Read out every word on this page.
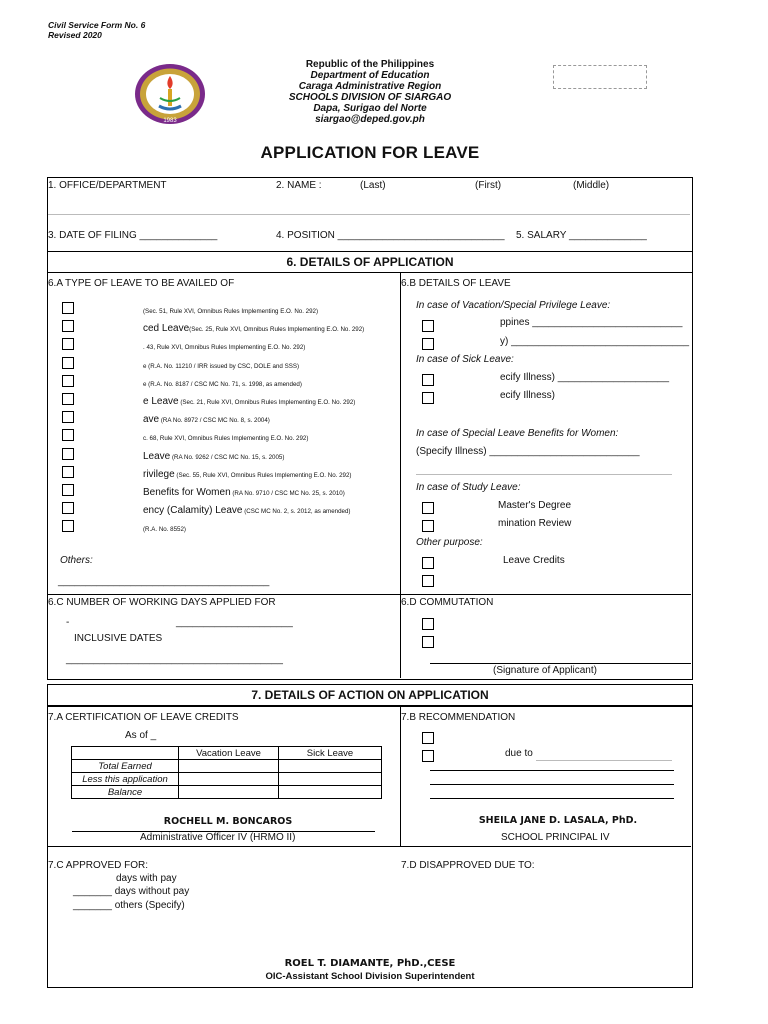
Civil Service Form No. 6
Revised 2020
1983
Republic of the Philippines
Department of Education
Caraga Administrative Region
SCHOOLS DIVISION OF SIARGAO
Dapa, Surigao del Norte
siargao@deped.gov.ph
APPLICATION FOR LEAVE
1. OFFICE/DEPARTMENT	2. NAME :	(Last)	(First)	(Middle)
3. DATE OF FILING ______________	4. POSITION ______________________________ 5. SALARY ______________
6. DETAILS OF APPLICATION
6.A TYPE OF LEAVE TO BE AVAILED OF	6.B DETAILS OF LEAVE
(Sec. 51, Rule XVI, Omnibus Rules Implementing E.O. No. 292)
ced Leave(Sec. 25, Rule XVI, Omnibus Rules Implementing E.O. No. 292)
. 43, Rule XVI, Omnibus Rules Implementing E.O. No. 292)
e (R.A. No. 11210 / IRR issued by CSC, DOLE and SSS)
e (R.A. No. 8187 / CSC MC No. 71, s. 1998, as amended)
e Leave (Sec. 21, Rule XVI, Omnibus Rules Implementing E.O. No. 292)
ave (RA No. 8972 / CSC MC No. 8, s. 2004)
c. 68, Rule XVI, Omnibus Rules Implementing E.O. No. 292)
Leave (RA No. 9262 / CSC MC No. 15, s. 2005)
rivilege (Sec. 55, Rule XVI, Omnibus Rules Implementing E.O. No. 292)
Benefits for Women (RA No. 9710 / CSC MC No. 25, s. 2010)
ency (Calamity) Leave (CSC MC No. 2, s. 2012, as amended)
(R.A. No. 8552)
Others:
______________________________________
In case of Vacation/Special Privilege Leave:
ppines ___________________________
y) ________________________________
In case of Sick Leave:
ecify Illness) ____________________
ecify Illness)
In case of Special Leave Benefits for Women:
(Specify Illness) ___________________________
In case of Study Leave:
Master's Degree
mination Review
Other purpose:
Leave Credits
6.C NUMBER OF WORKING DAYS APPLIED FOR
-	_____________________
INCLUSIVE DATES
_______________________________________
6.D COMMUTATION
(Signature of Applicant)
7. DETAILS OF ACTION ON APPLICATION
7.A CERTIFICATION OF LEAVE CREDITS
As of _
	Vacation Leave	Sick Leave
Total Earned		
Less this application		
Balance		
ROCHELL M. BONCAROS
Administrative Officer IV (HRMO II)
7.B RECOMMENDATION
due to
SHEILA JANE D. LASALA, PhD.
SCHOOL PRINCIPAL IV
7.C APPROVED FOR:
days with pay
_______ days without pay
_______ others (Specify)
7.D DISAPPROVED DUE TO:
ROEL T. DIAMANTE, PhD.,CESE
OIC-Assistant School Division Superintendent
